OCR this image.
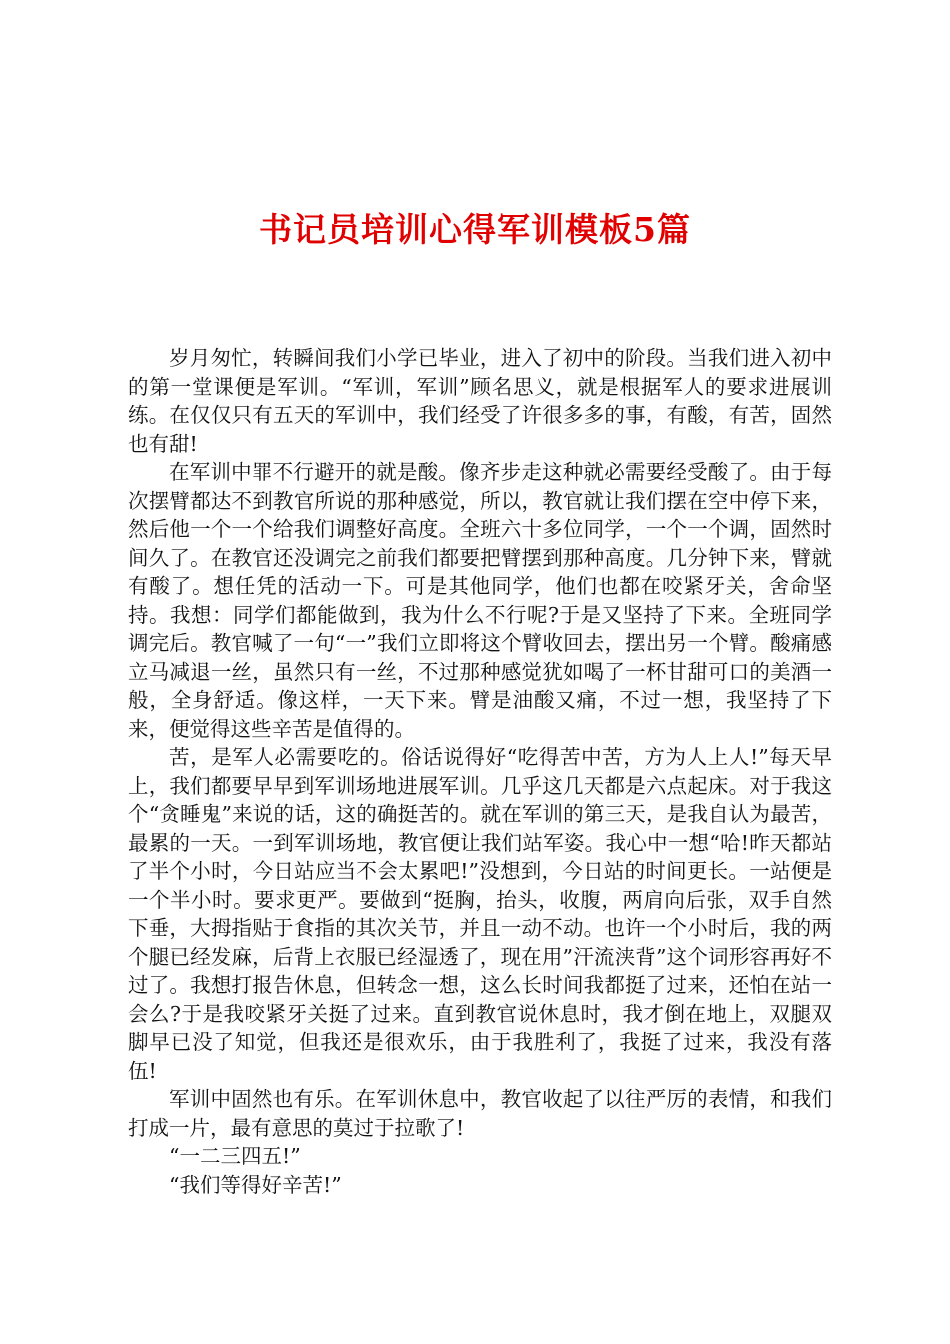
书记员培训心得军训模板5篇

岁月匆忙，转瞬间我们小学已毕业，进入了初中的阶段。当我们进入初中的第一堂课便是军训。“军训，军训”顾名思义，就是根据军人的要求进展训练。在仅仅只有五天的军训中，我们经受了许很多多的事，有酸，有苦，固然也有甜!

在军训中罪不行避开的就是酸。像齐步走这种就必需要经受酸了。由于每次摆臂都达不到教官所说的那种感觉，所以，教官就让我们摆在空中停下来，然后他一个一个给我们调整好高度。全班六十多位同学，一个一个调，固然时间久了。在教官还没调完之前我们都要把臂摆到那种高度。几分钟下来，臂就有酸了。想任凭的活动一下。可是其他同学，他们也都在咬紧牙关，舍命坚持。我想：同学们都能做到，我为什么不行呢?于是又坚持了下来。全班同学调完后。教官喊了一句“一”我们立即将这个臂收回去，摆出另一个臂。酸痛感立马减退一丝，虽然只有一丝，不过那种感觉犹如喝了一杯甘甜可口的美酒一般，全身舒适。像这样，一天下来。臂是油酸又痛，不过一想，我坚持了下来，便觉得这些辛苦是值得的。

苦，是军人必需要吃的。俗话说得好“吃得苦中苦，方为人上人!”每天早上，我们都要早早到军训场地进展军训。几乎这几天都是六点起床。对于我这个“贪睡鬼”来说的话，这的确挺苦的。就在军训的第三天，是我自认为最苦，最累的一天。一到军训场地，教官便让我们站军姿。我心中一想“哈!昨天都站了半个小时，今日站应当不会太累吧!”没想到，今日站的时间更长。一站便是一个半小时。要求更严。要做到“挺胸，抬头，收腹，两肩向后张，双手自然下垂，大拇指贴于食指的其次关节，并且一动不动。也许一个小时后，我的两个腿已经发麻，后背上衣服已经湿透了，现在用”汗流浃背”这个词形容再好不过了。我想打报告休息，但转念一想，这么长时间我都挺了过来，还怕在站一会么?于是我咬紧牙关挺了过来。直到教官说休息时，我才倒在地上，双腿双脚早已没了知觉，但我还是很欢乐，由于我胜利了，我挺了过来，我没有落伍!

军训中固然也有乐。在军训休息中，教官收起了以往严厉的表情，和我们打成一片，最有意思的莫过于拉歌了!

“一二三四五!”

“我们等得好辛苦!”
